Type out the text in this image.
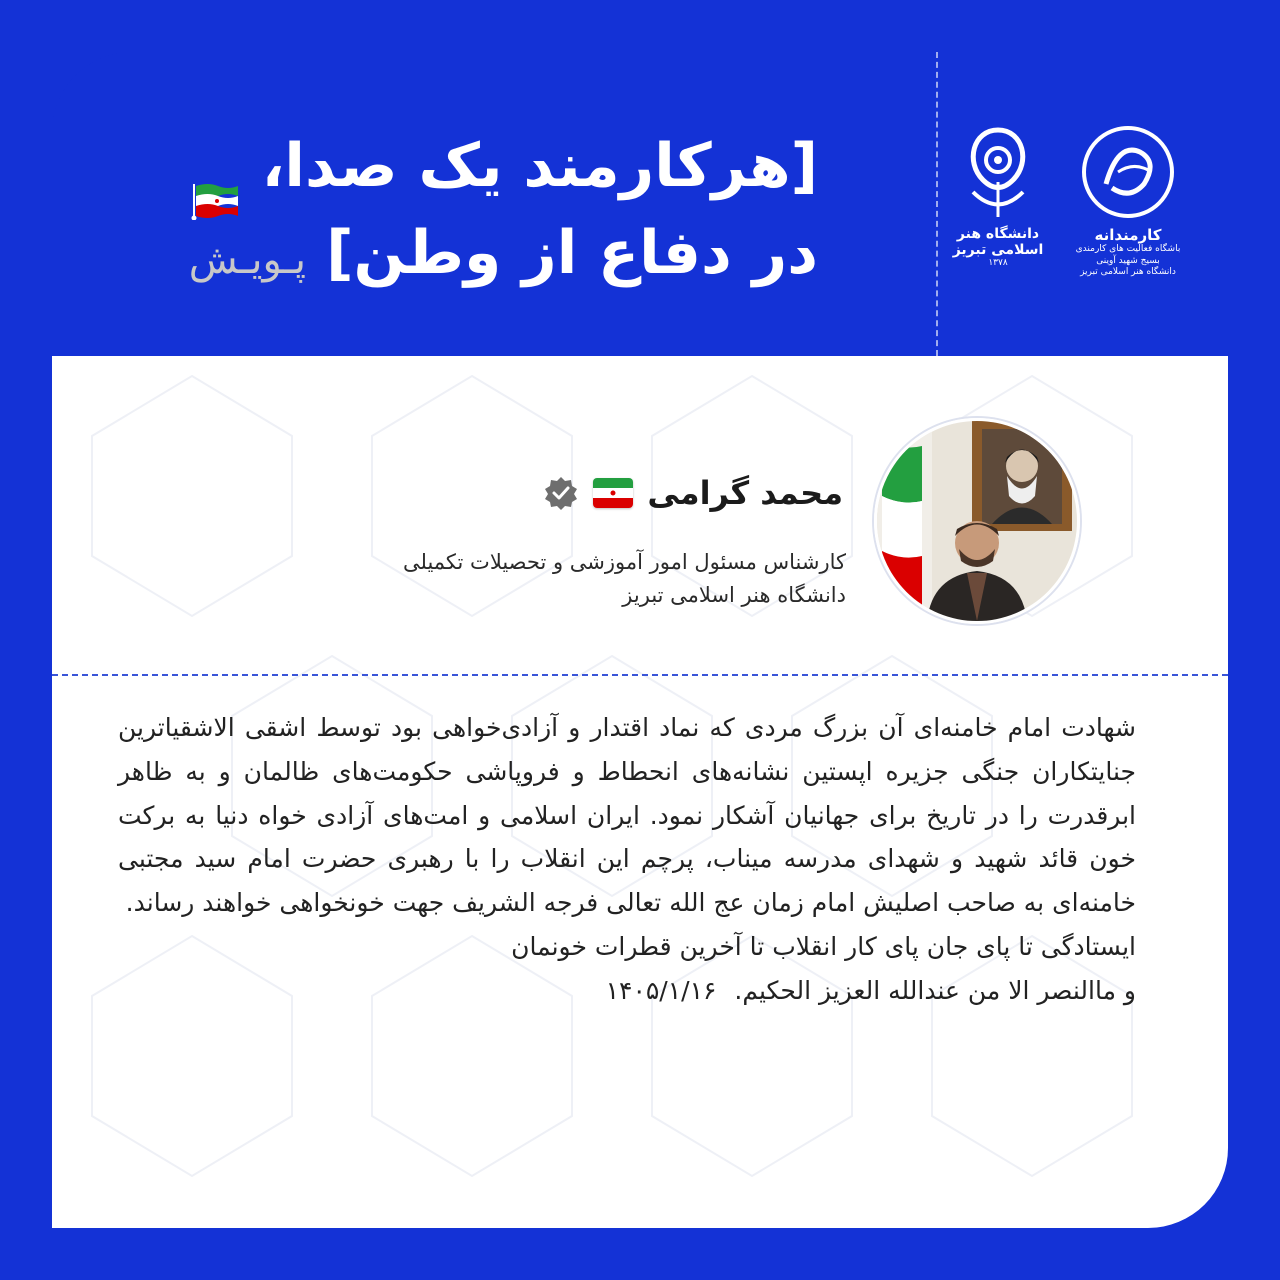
[هرکارمند یک صدا،
در دفاع از وطن]
پـویـش
دانشگاه هنر اسلامی تبریز
۱۳۷۸
کارمندانه
باشگاه فعالیت های کارمندی بسیج شهید آوینی
دانشگاه هنر اسلامی تبریز
محمد گرامی
کارشناس مسئول امور آموزشی و تحصیلات تکمیلی
دانشگاه هنر اسلامی تبریز

شهادت امام خامنه‌ای آن بزرگ مردی که نماد اقتدار و آزادی‌خواهی بود توسط اشقی الاشقیاترین جنایتکاران جنگی جزیره اپستین نشانه‌های انحطاط و فروپاشی حکومت‌های ظالمان و به ظاهر ابرقدرت را در تاریخ برای جهانیان آشکار نمود. ایران اسلامی و امت‌های آزادی خواه دنیا به برکت خون قائد شهید و شهدای مدرسه میناب، پرچم این انقلاب را با رهبری حضرت امام سید مجتبی خامنه‌ای به صاحب اصلیش امام زمان عج الله تعالی فرجه الشریف جهت خونخواهی خواهند رساند.

ایستادگی تا پای جان پای کار انقلاب تا آخرین قطرات خونمان

و ماالنصر الا من عندالله العزیز الحکیم. ۱۴۰۵/۱/۱۶
